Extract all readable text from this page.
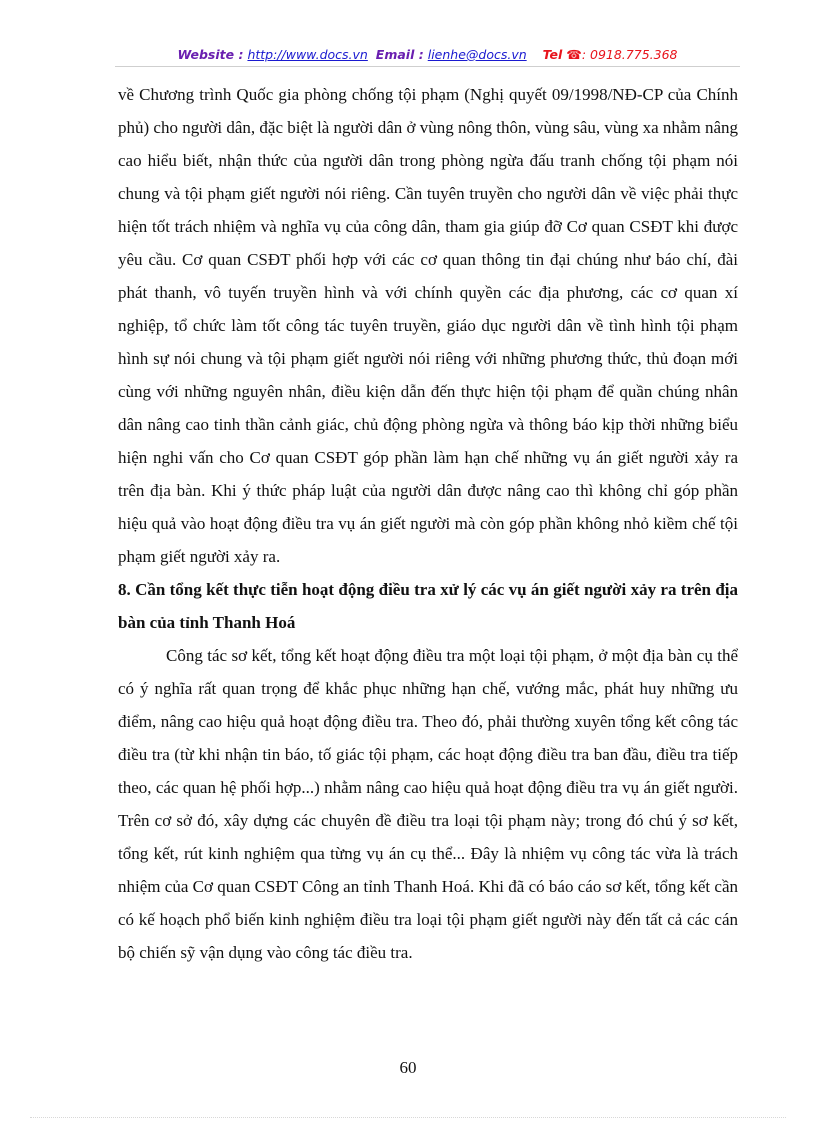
Website : http://www.docs.vn Email : lienhe@docs.vn Tel ☎: 0918.775.368

về Chương trình Quốc gia phòng chống tội phạm (Nghị quyết 09/1998/NĐ-CP của Chính phủ) cho người dân, đặc biệt là người dân ở vùng nông thôn, vùng sâu, vùng xa nhằm nâng cao hiểu biết, nhận thức của người dân trong phòng ngừa đấu tranh chống tội phạm nói chung và tội phạm giết người nói riêng. Cần tuyên truyền cho người dân về việc phải thực hiện tốt trách nhiệm và nghĩa vụ của công dân, tham gia giúp đỡ Cơ quan CSĐT khi được yêu cầu. Cơ quan CSĐT phối hợp với các cơ quan thông tin đại chúng như báo chí, đài phát thanh, vô tuyến truyền hình và với chính quyền các địa phương, các cơ quan xí nghiệp, tổ chức làm tốt công tác tuyên truyền, giáo dục người dân về tình hình tội phạm hình sự nói chung và tội phạm giết người nói riêng với những phương thức, thủ đoạn mới cùng với những nguyên nhân, điều kiện dẫn đến thực hiện tội phạm để quần chúng nhân dân nâng cao tinh thần cảnh giác, chủ động phòng ngừa và thông báo kịp thời những biểu hiện nghi vấn cho Cơ quan CSĐT góp phần làm hạn chế những vụ án giết người xảy ra trên địa bàn. Khi ý thức pháp luật của người dân được nâng cao thì không chỉ góp phần hiệu quả vào hoạt động điều tra vụ án giết người mà còn góp phần không nhỏ kiềm chế tội phạm giết người xảy ra.

8. Cần tổng kết thực tiễn hoạt động điều tra xử lý các vụ án giết người xảy ra trên địa bàn của tỉnh Thanh Hoá

Công tác sơ kết, tổng kết hoạt động điều tra một loại tội phạm, ở một địa bàn cụ thể có ý nghĩa rất quan trọng để khắc phục những hạn chế, vướng mắc, phát huy những ưu điểm, nâng cao hiệu quả hoạt động điều tra. Theo đó, phải thường xuyên tổng kết công tác điều tra (từ khi nhận tin báo, tố giác tội phạm, các hoạt động điều tra ban đầu, điều tra tiếp theo, các quan hệ phối hợp...) nhằm nâng cao hiệu quả hoạt động điều tra vụ án giết người. Trên cơ sở đó, xây dựng các chuyên đề điều tra loại tội phạm này; trong đó chú ý sơ kết, tổng kết, rút kinh nghiệm qua từng vụ án cụ thể... Đây là nhiệm vụ công tác vừa là trách nhiệm của Cơ quan CSĐT Công an tỉnh Thanh Hoá. Khi đã có báo cáo sơ kết, tổng kết cần có kế hoạch phổ biến kinh nghiệm điều tra loại tội phạm giết người này đến tất cả các cán bộ chiến sỹ vận dụng vào công tác điều tra.

60
